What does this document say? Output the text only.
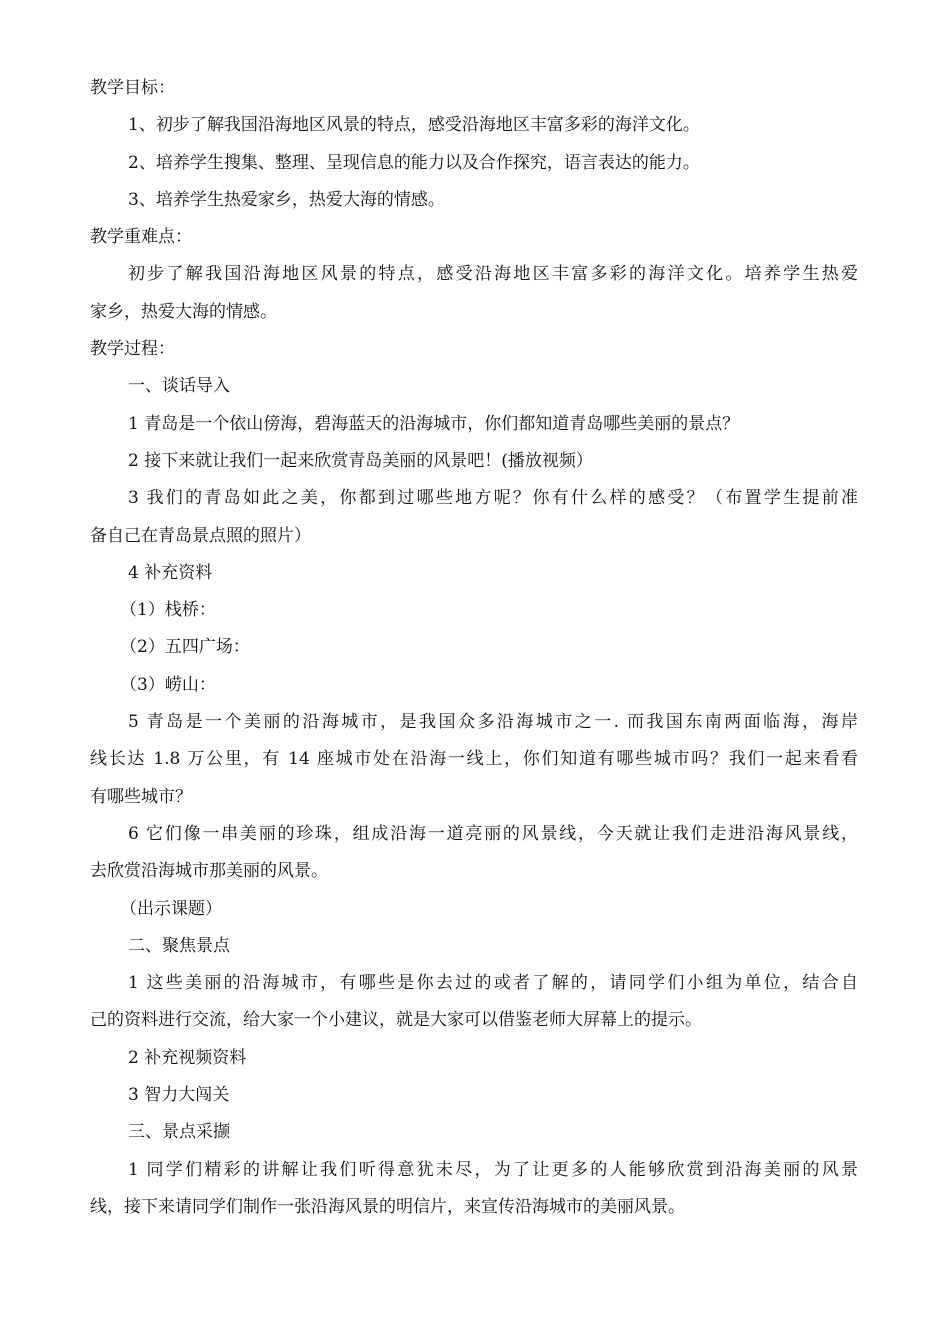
教学目标：
1、初步了解我国沿海地区风景的特点，感受沿海地区丰富多彩的海洋文化。
2、培养学生搜集、整理、呈现信息的能力以及合作探究，语言表达的能力。
3、培养学生热爱家乡，热爱大海的情感。
教学重难点：
初步了解我国沿海地区风景的特点，感受沿海地区丰富多彩的海洋文化。培养学生热爱
家乡，热爱大海的情感。
教学过程：
一、谈话导入
1 青岛是一个依山傍海，碧海蓝天的沿海城市，你们都知道青岛哪些美丽的景点？
2 接下来就让我们一起来欣赏青岛美丽的风景吧！(播放视频）
3 我们的青岛如此之美，你都到过哪些地方呢？你有什么样的感受？（布置学生提前准
备自己在青岛景点照的照片）
4 补充资料
（1）栈桥：
（2）五四广场：
（3）崂山：
5 青岛是一个美丽的沿海城市，是我国众多沿海城市之一. 而我国东南两面临海，海岸
线长达 1.8 万公里，有 14 座城市处在沿海一线上，你们知道有哪些城市吗？我们一起来看看
有哪些城市？
6 它们像一串美丽的珍珠，组成沿海一道亮丽的风景线，今天就让我们走进沿海风景线，
去欣赏沿海城市那美丽的风景。
（出示课题）
二、聚焦景点
1 这些美丽的沿海城市，有哪些是你去过的或者了解的，请同学们小组为单位，结合自
己的资料进行交流，给大家一个小建议，就是大家可以借鉴老师大屏幕上的提示。
2 补充视频资料
3 智力大闯关
三、景点采撷
1 同学们精彩的讲解让我们听得意犹未尽，为了让更多的人能够欣赏到沿海美丽的风景
线，接下来请同学们制作一张沿海风景的明信片，来宣传沿海城市的美丽风景。
